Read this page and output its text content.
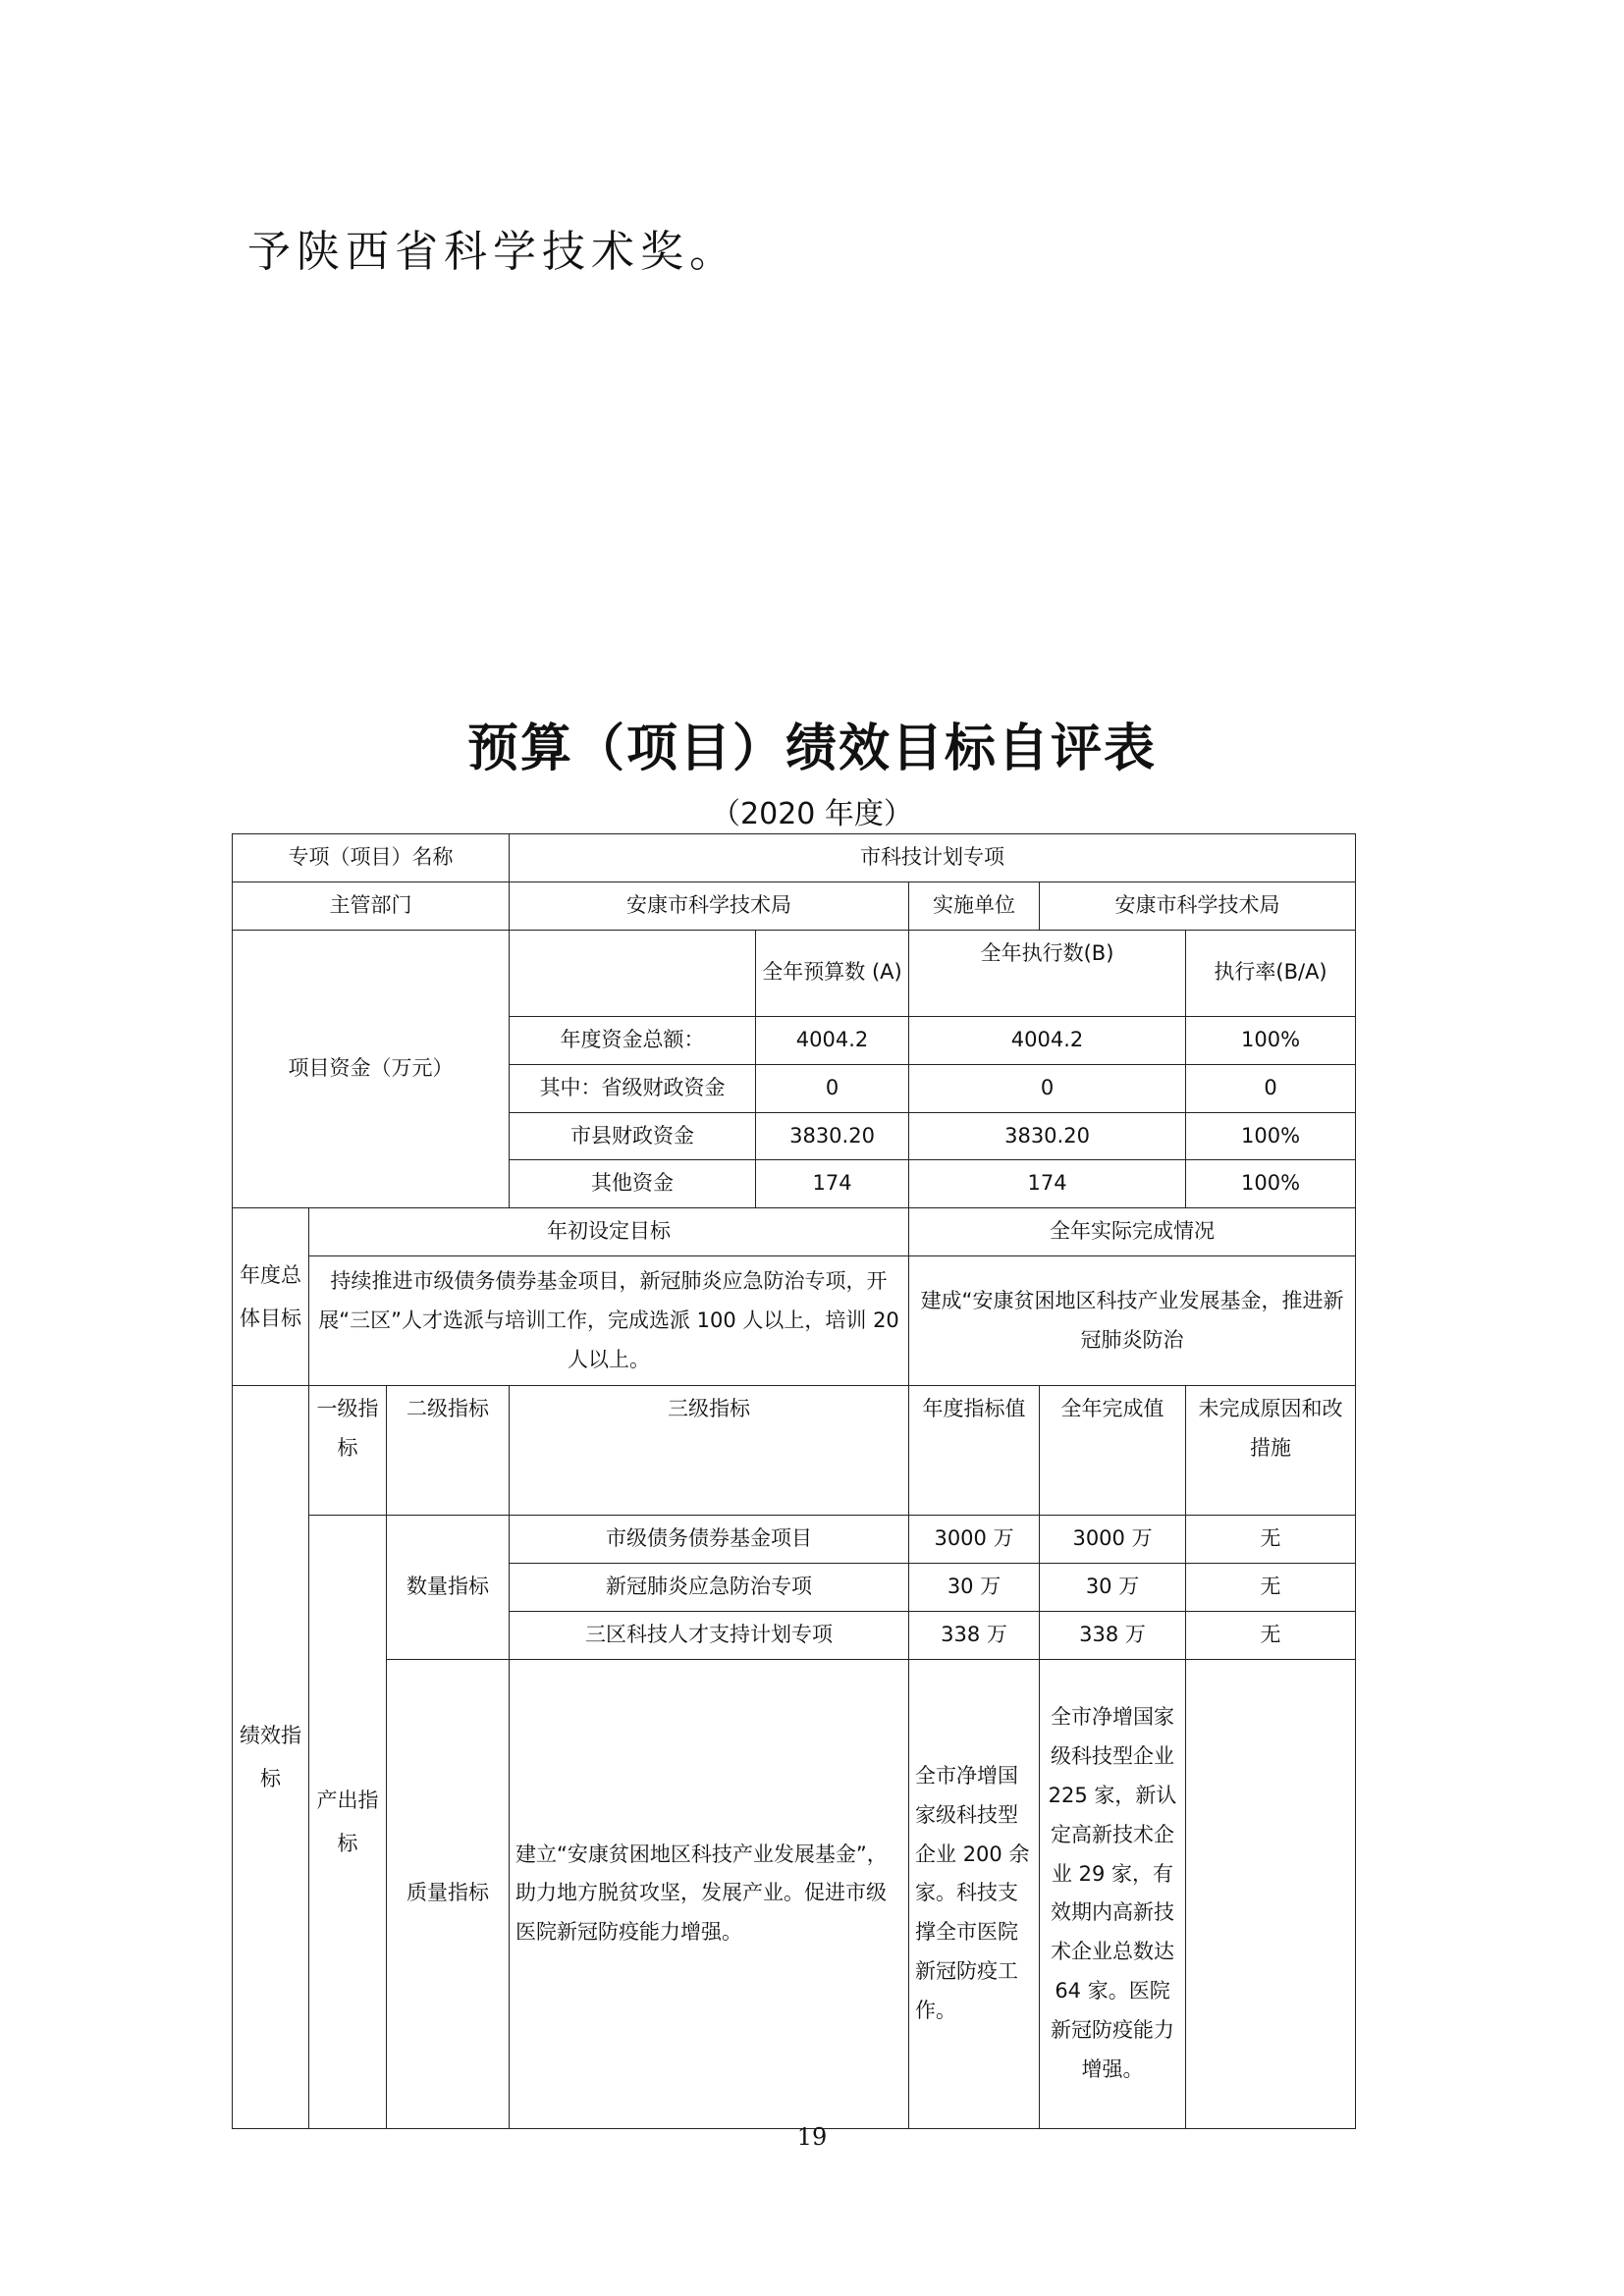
予陕西省科学技术奖。
预算（项目）绩效目标自评表
（2020 年度）
专项（项目）名称			市科技计划专项				
主管部门			安康市科学技术局		实施单位	安康市科学技术局	
项目资金（万元）				全年预算数 (A)	全年执行数(B)		执行率(B/A)
			年度资金总额：	4004.2	4004.2		100%
			其中：省级财政资金	0	0		0
			市县财政资金	3830.20	3830.20		100%
			其他资金	174	174		100%
年度总体目标	年初设定目标				全年实际完成情况		
	持续推进市级债务债券基金项目，新冠肺炎应急防治专项，开展“三区”人才选派与培训工作，完成选派 100 人以上，培训 20 人以上。				建成“安康贫困地区科技产业发展基金，推进新冠肺炎防治		
绩效指标	一级指标	二级指标	三级指标		年度指标值	全年完成值	未完成原因和改措施
	产出指标	数量指标	市级债务债券基金项目		3000 万	3000 万	无
			新冠肺炎应急防治专项		30 万	30 万	无
			三区科技人才支持计划专项		338 万	338 万	无
		质量指标	建立“安康贫困地区科技产业发展基金”，助力地方脱贫攻坚，发展产业。促进市级医院新冠防疫能力增强。		全市净增国家级科技型企业 200 余家。科技支撑全市医院新冠防疫工作。	全市净增国家级科技型企业 225 家，新认定高新技术企业 29 家，有效期内高新技术企业总数达 64 家。医院新冠防疫能力增强。	
19
